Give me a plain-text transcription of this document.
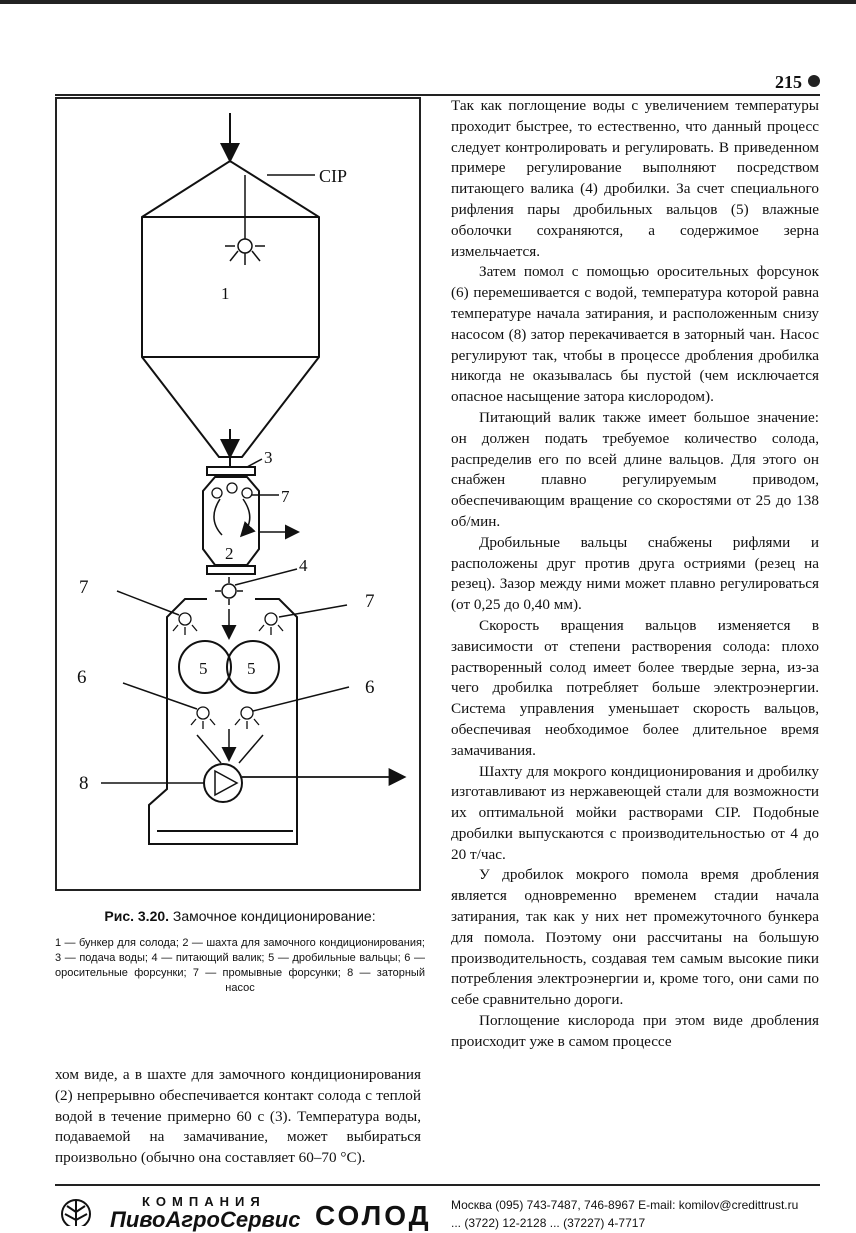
215
CIP
1
3
7
2
4
7
7
5 5
6	6
8

Рис. 3.20. Замочное кондиционирование:

1 — бункер для солода; 2 — шахта для замочного кондиционирования; 3 — подача воды; 4 — питающий валик; 5 — дробильные вальцы; 6 — оросительные форсунки; 7 — промывные форсунки; 8 — заторный насос

Так как поглощение воды с увеличением температуры проходит быстрее, то естественно, что данный процесс следует контролировать и регулировать. В приведенном примере регулирование выполняют посредством питающего валика (4) дробилки. За счет специального рифления пары дробильных вальцов (5) влажные оболочки сохраняются, а содержимое зерна измельчается.

Затем помол с помощью оросительных форсунок (6) перемешивается с водой, температура которой равна температуре начала затирания, и расположенным снизу насосом (8) затор перекачивается в заторный чан. Насос регулируют так, чтобы в процессе дробления дробилка никогда не оказывалась бы пустой (чем исключается опасное насыщение затора кислородом).

Питающий валик также имеет большое значение: он должен подать требуемое количество солода, распределив его по всей длине вальцов. Для этого он снабжен плавно регулируемым приводом, обеспечивающим вращение со скоростями от 25 до 138 об/мин.

Дробильные вальцы снабжены рифлями и расположены друг против друга остриями (резец на резец). Зазор между ними может плавно регулироваться (от 0,25 до 0,40 мм).

Скорость вращения вальцов изменяется в зависимости от степени растворения солода: плохо растворенный солод имеет более твердые зерна, из-за чего дробилка потребляет больше электроэнергии. Система управления уменьшает скорость вальцов, обеспечивая необходимое более длительное время замачивания.

Шахту для мокрого кондиционирования и дробилку изготавливают из нержавеющей стали для возможности их оптимальной мойки растворами CIP. Подобные дробилки выпускаются с производительностью от 4 до 20 т/час.

У дробилок мокрого помола время дробления является одновременно временем стадии начала затирания, так как у них нет промежуточного бункера для помола. Поэтому они рассчитаны на большую производительность, создавая тем самым высокие пики потребления электроэнергии и, кроме того, они сами по себе сравнительно дороги.

Поглощение кислорода при этом виде дробления происходит уже в самом процессе

хом виде, а в шахте для замочного кондиционирования (2) непрерывно обеспечивается контакт солода с теплой водой в течение примерно 60 с (3). Температура воды, подаваемой на замачивание, может выбираться произвольно (обычно она составляет 60–70 °С).

КОМПАНИЯ
ПивоАгроСервис СОЛОД Москва (095) 743-7487, 746-8967 E-mail: komilov@credittrust.ru
... (3722) 12-2128 ... (37227) 4-7717
